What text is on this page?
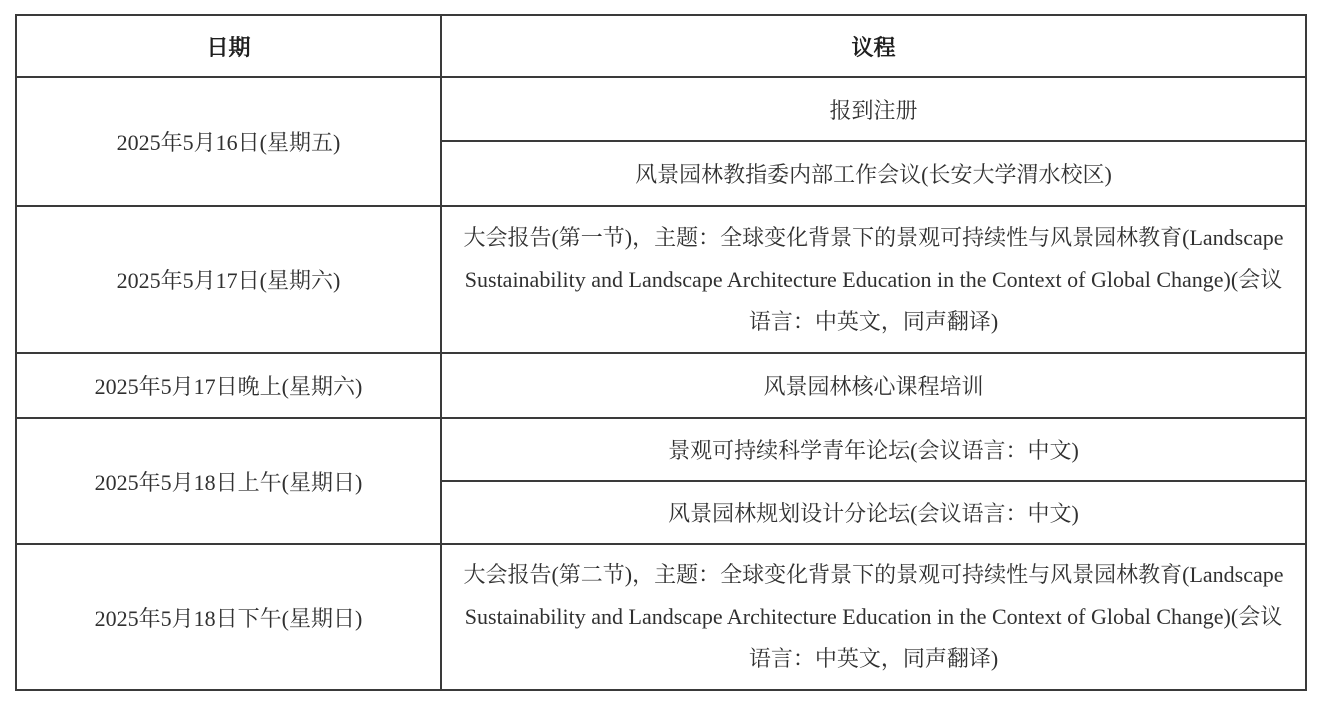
日期	议程
2025年5月16日(星期五)	报到注册
	风景园林教指委内部工作会议(长安大学渭水校区)
2025年5月17日(星期六)	大会报告(第一节)，主题：全球变化背景下的景观可持续性与风景园林教育(Landscape Sustainability and Landscape Architecture Education in the Context of Global Change)(会议语言：中英文，同声翻译)
2025年5月17日晚上(星期六)	风景园林核心课程培训
2025年5月18日上午(星期日)	景观可持续科学青年论坛(会议语言：中文)
	风景园林规划设计分论坛(会议语言：中文)
2025年5月18日下午(星期日)	大会报告(第二节)，主题：全球变化背景下的景观可持续性与风景园林教育(Landscape Sustainability and Landscape Architecture Education in the Context of Global Change)(会议语言：中英文，同声翻译)
